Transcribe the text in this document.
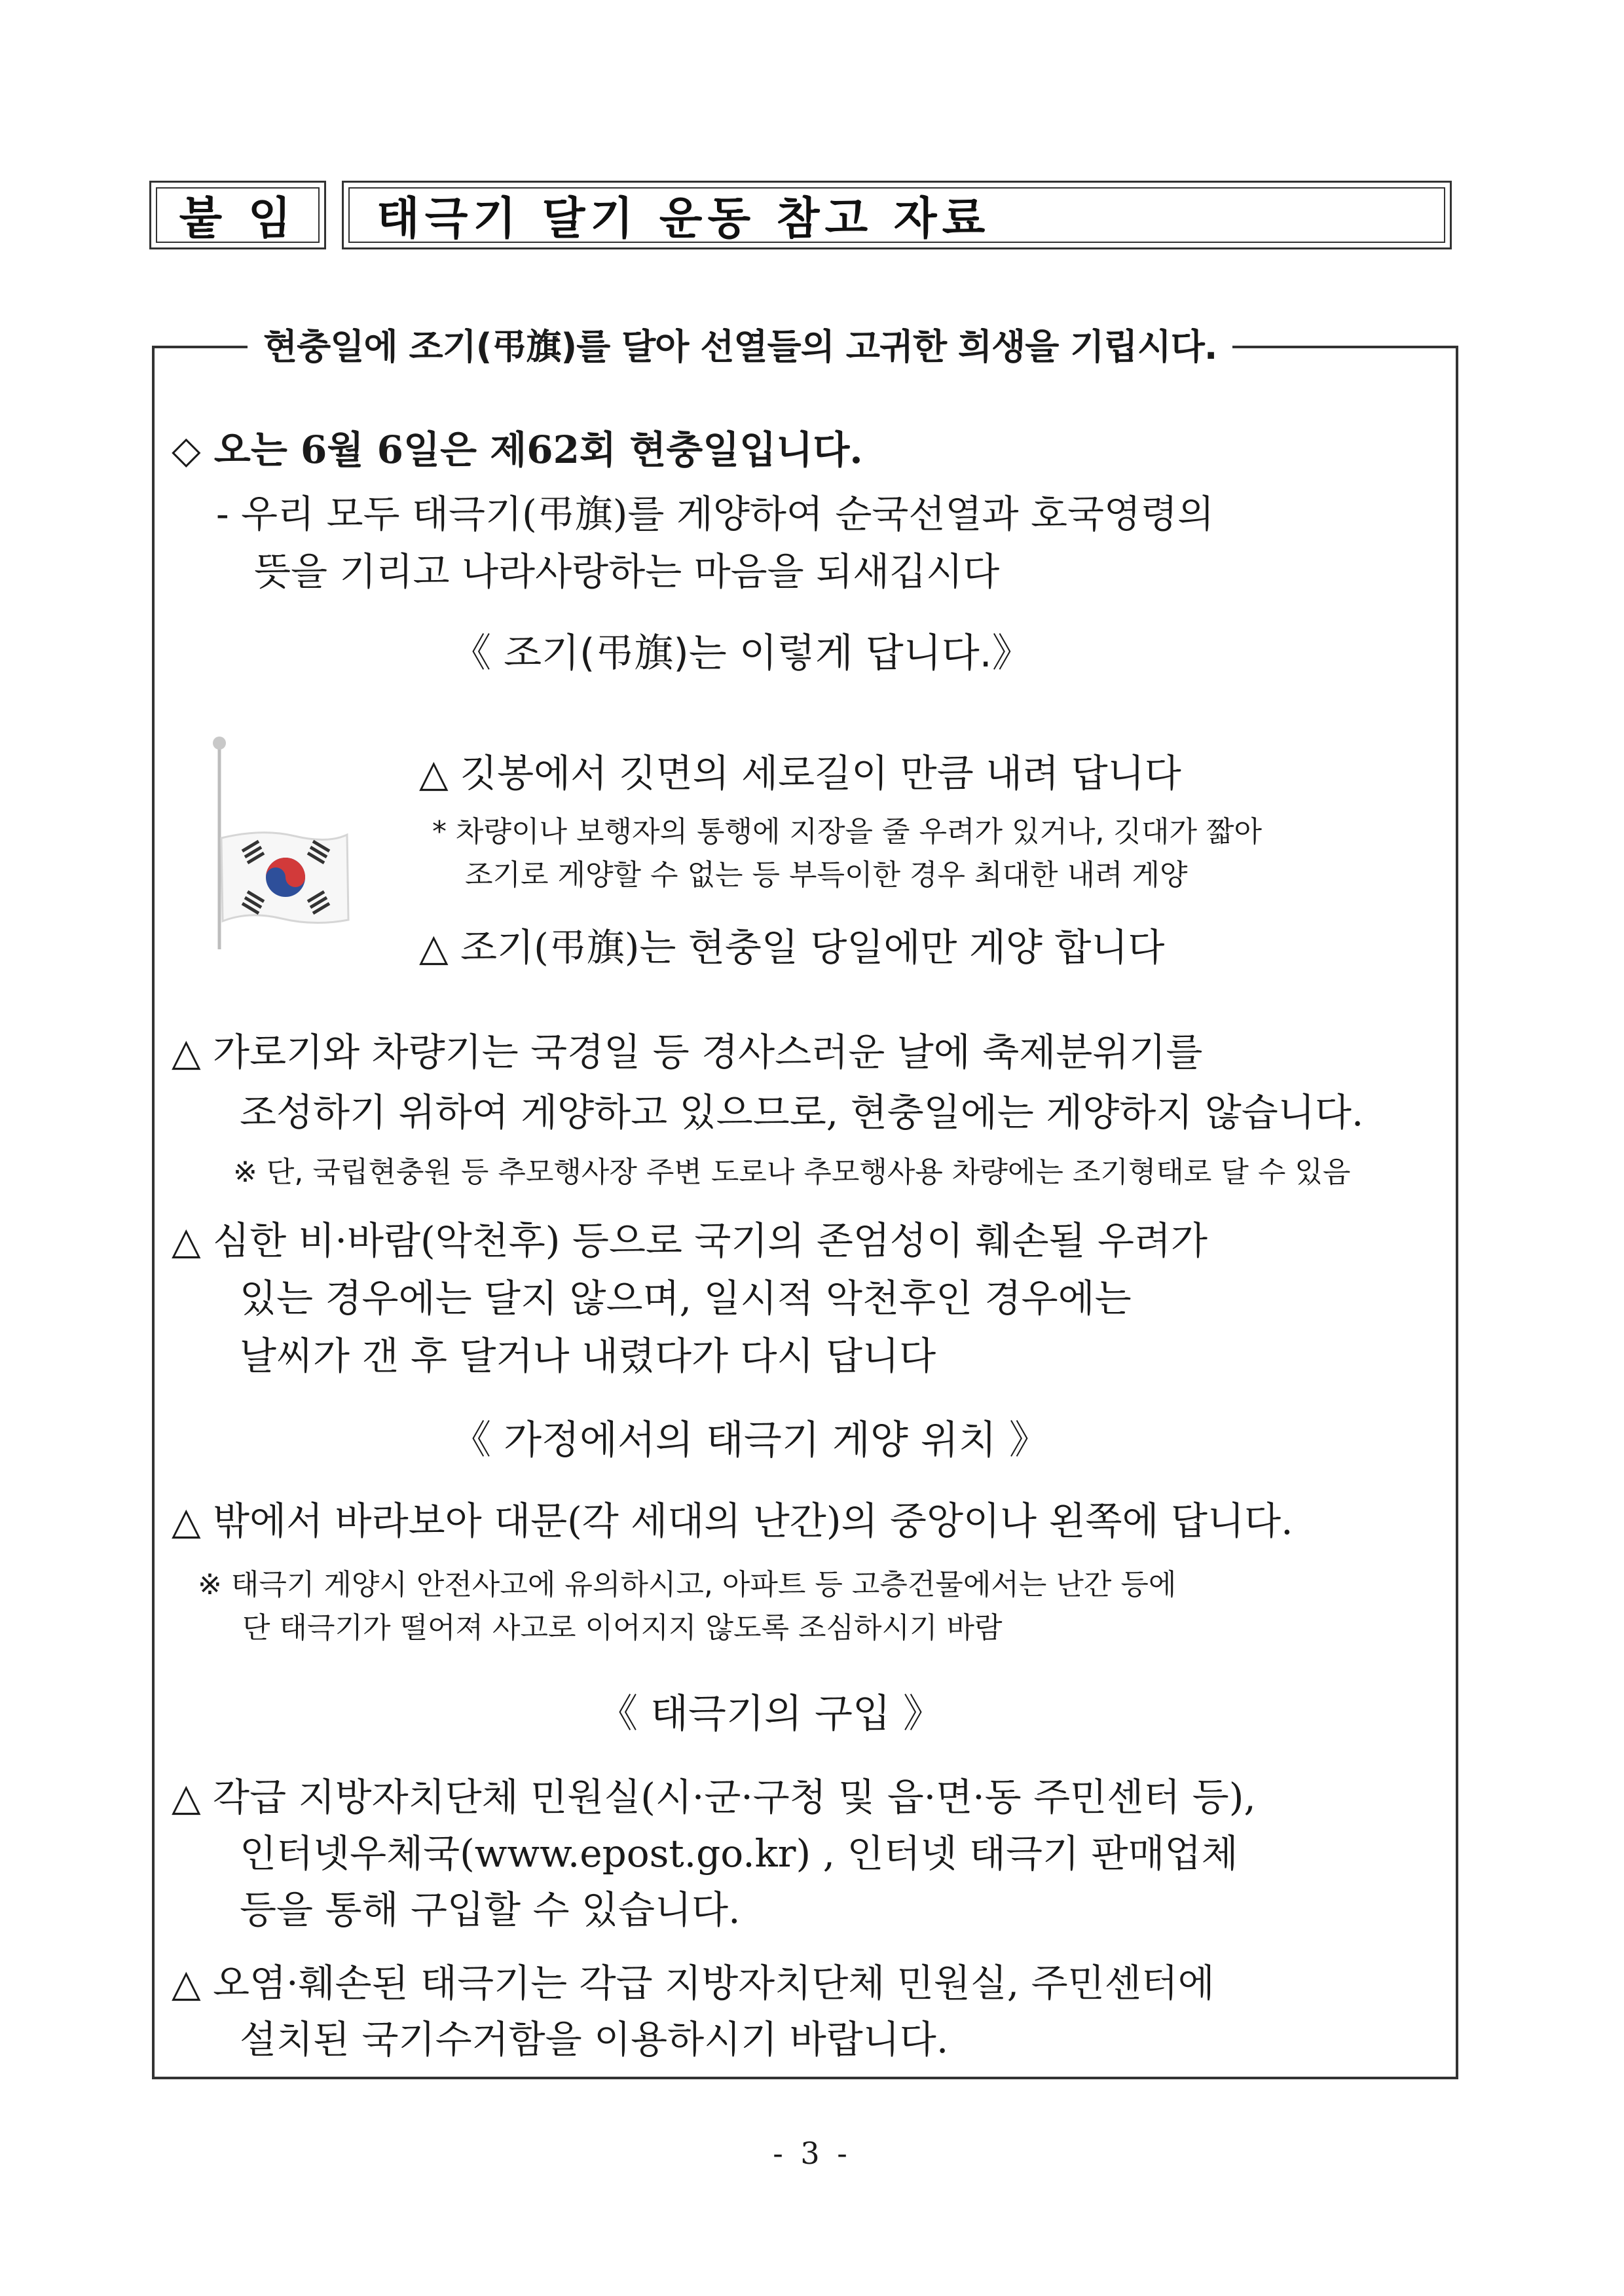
붙 임	태극기 달기 운동 참고 자료
현충일에 조기(弔旗)를 달아 선열들의 고귀한 희생을 기립시다.
◇ 오는 6월 6일은 제62회 현충일입니다.
- 우리 모두 태극기(弔旗)를 게양하여 순국선열과 호국영령의
뜻을 기리고 나라사랑하는 마음을 되새깁시다
《 조기(弔旗)는 이렇게 답니다.》
△ 깃봉에서 깃면의 세로길이 만큼 내려 답니다
* 차량이나 보행자의 통행에 지장을 줄 우려가 있거나, 깃대가 짧아
조기로 게양할 수 없는 등 부득이한 경우 최대한 내려 게양
△ 조기(弔旗)는 현충일 당일에만 게양 합니다
△ 가로기와 차량기는 국경일 등 경사스러운 날에 축제분위기를
조성하기 위하여 게양하고 있으므로, 현충일에는 게양하지 않습니다.
※ 단, 국립현충원 등 추모행사장 주변 도로나 추모행사용 차량에는 조기형태로 달 수 있음
△ 심한 비·바람(악천후) 등으로 국기의 존엄성이 훼손될 우려가
있는 경우에는 달지 않으며, 일시적 악천후인 경우에는
날씨가 갠 후 달거나 내렸다가 다시 답니다
《 가정에서의 태극기 게양 위치 》
△ 밖에서 바라보아 대문(각 세대의 난간)의 중앙이나 왼쪽에 답니다.
※ 태극기 게양시 안전사고에 유의하시고, 아파트 등 고층건물에서는 난간 등에
단 태극기가 떨어져 사고로 이어지지 않도록 조심하시기 바람
《 태극기의 구입 》
△ 각급 지방자치단체 민원실(시·군·구청 및 읍·면·동 주민센터 등),
인터넷우체국(www.epost.go.kr) , 인터넷 태극기 판매업체
등을 통해 구입할 수 있습니다.
△ 오염·훼손된 태극기는 각급 지방자치단체 민원실, 주민센터에
설치된 국기수거함을 이용하시기 바랍니다.
- 3 -
